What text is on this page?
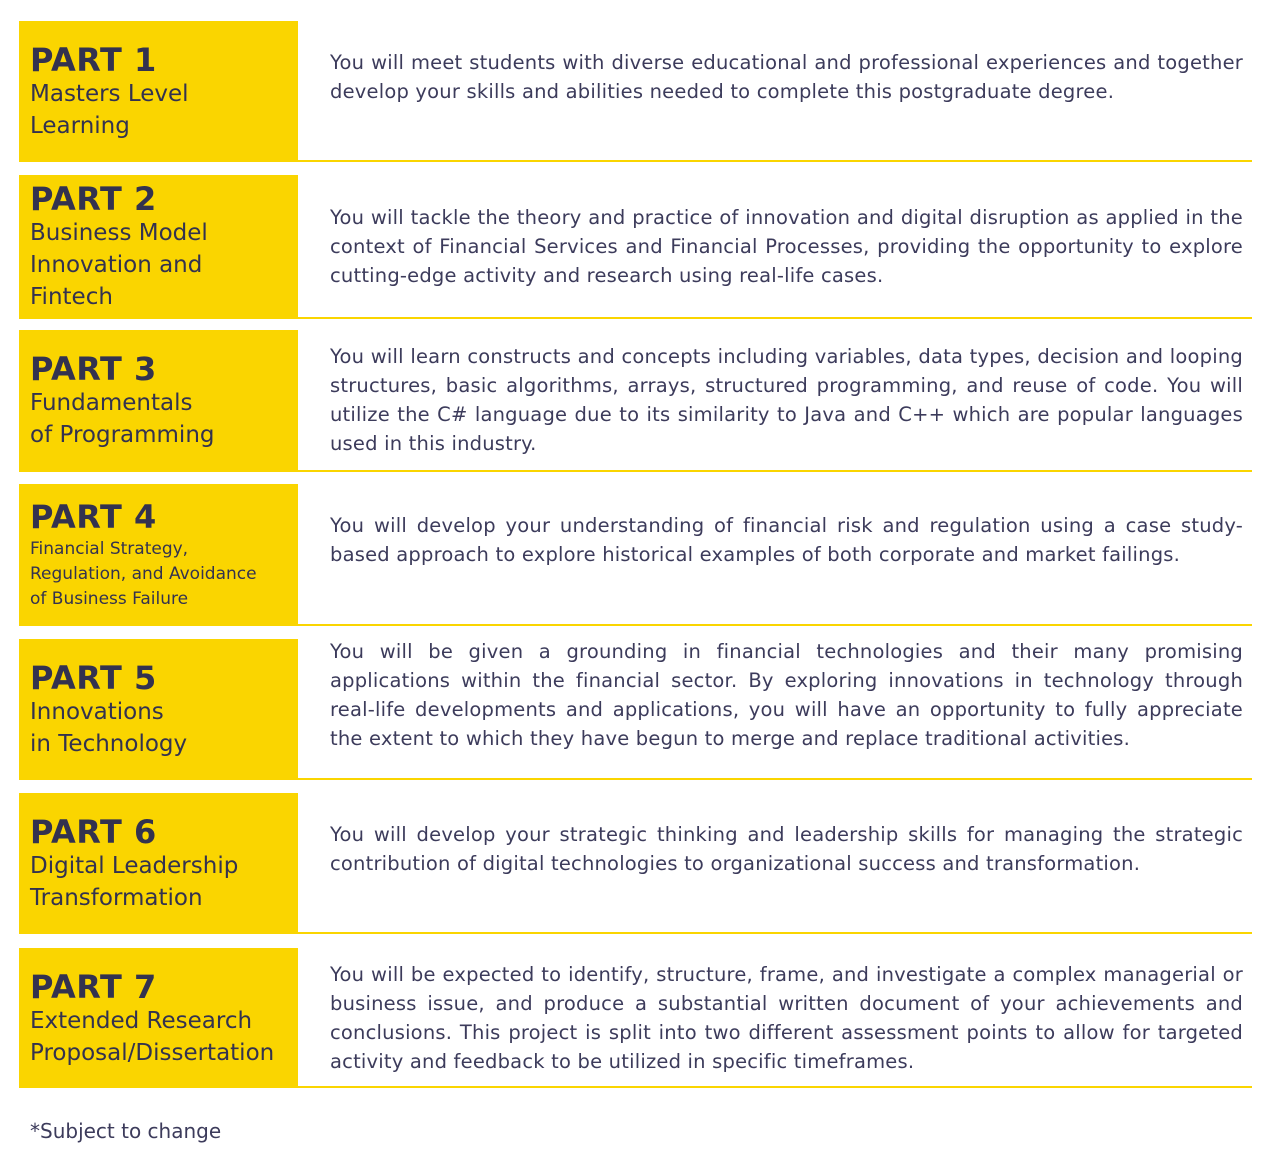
PART 1
Masters Level
Learning
You will meet students with diverse educational and professional experiences and together develop your skills and abilities needed to complete this postgraduate degree.
PART 2
Business Model
Innovation and
Fintech
You will tackle the theory and practice of innovation and digital disruption as applied in the context of Financial Services and Financial Processes, providing the opportunity to explore cutting-edge activity and research using real-life cases.
PART 3
Fundamentals
of Programming
You will learn constructs and concepts including variables, data types, decision and looping structures, basic algorithms, arrays, structured programming, and reuse of code. You will utilize the C# language due to its similarity to Java and C++ which are popular languages used in this industry.
PART 4
Financial Strategy,
Regulation, and Avoidance
of Business Failure
You will develop your understanding of financial risk and regulation using a case study-based approach to explore historical examples of both corporate and market failings.
PART 5
Innovations
in Technology
You will be given a grounding in financial technologies and their many promising applications within the financial sector. By exploring innovations in technology through real-life developments and applications, you will have an opportunity to fully appreciate the extent to which they have begun to merge and replace traditional activities.
PART 6
Digital Leadership
Transformation
You will develop your strategic thinking and leadership skills for managing the strategic contribution of digital technologies to organizational success and transformation.
PART 7
Extended Research
Proposal/Dissertation
You will be expected to identify, structure, frame, and investigate a complex managerial or business issue, and produce a substantial written document of your achievements and conclusions. This project is split into two different assessment points to allow for targeted activity and feedback to be utilized in specific timeframes.
*Subject to change
